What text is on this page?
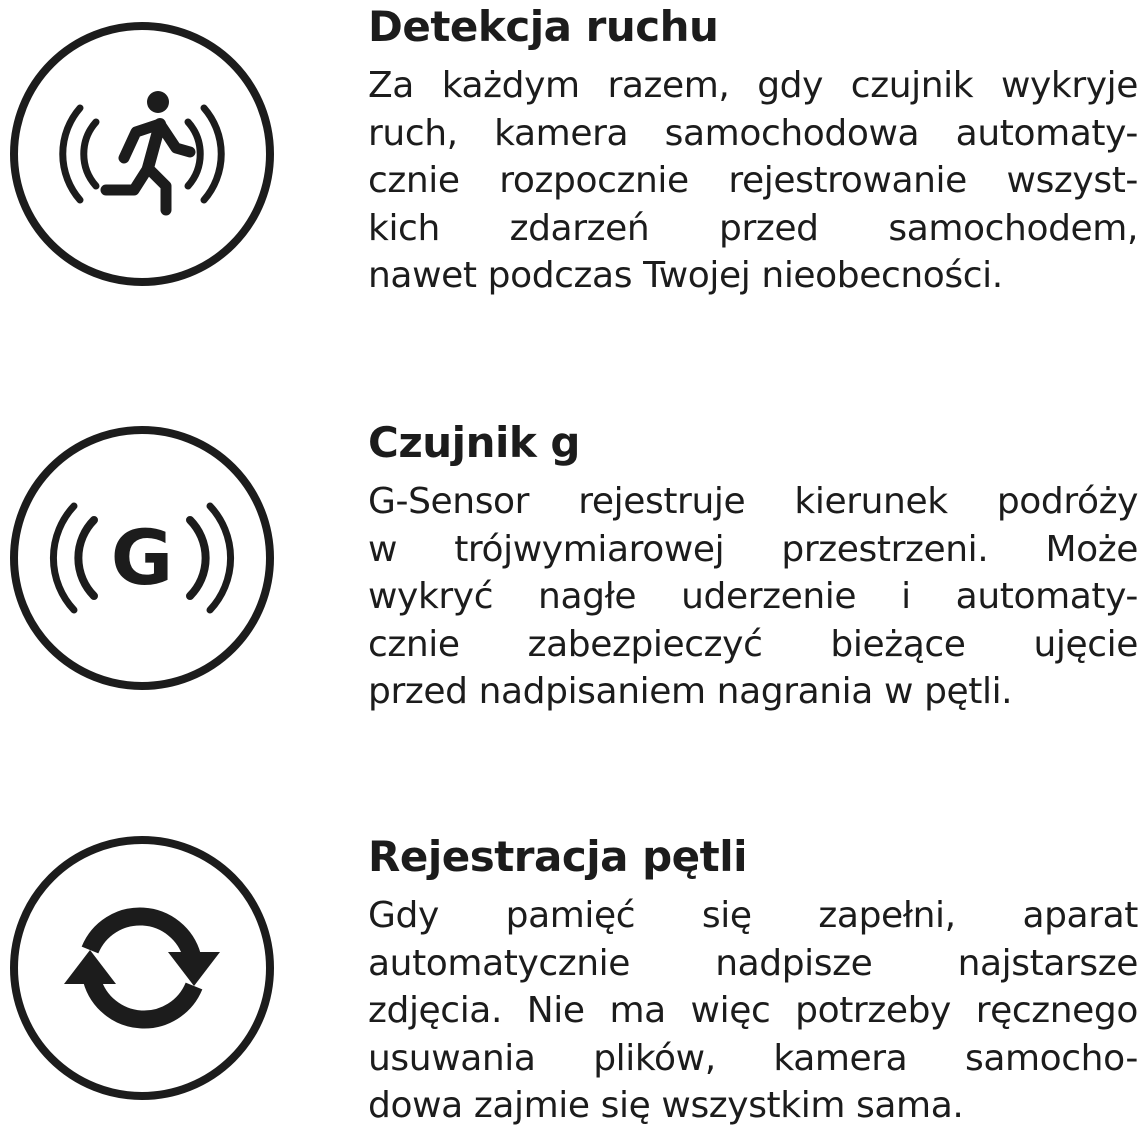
Detekcja ruchu
Za każdym razem, gdy czujnik wykryje
ruch, kamera samochodowa automaty-
cznie rozpocznie rejestrowanie wszyst-
kich zdarzeń przed samochodem,
nawet podczas Twojej nieobecności.
G
Czujnik g
G-Sensor rejestruje kierunek podróży
w trójwymiarowej przestrzeni. Może
wykryć nagłe uderzenie i automaty-
cznie zabezpieczyć bieżące ujęcie
przed nadpisaniem nagrania w pętli.
Rejestracja pętli
Gdy pamięć się zapełni, aparat
automatycznie nadpisze najstarsze
zdjęcia. Nie ma więc potrzeby ręcznego
usuwania plików, kamera samocho-
dowa zajmie się wszystkim sama.
